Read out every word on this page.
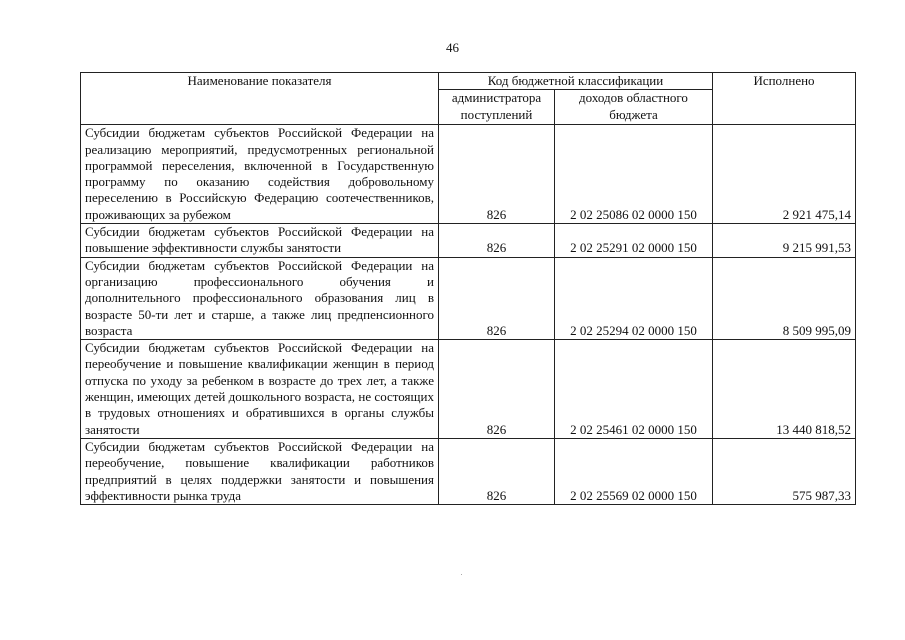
46
Наименование показателя	Код бюджетной классификации		Исполнено
	администратора поступлений	доходов областного бюджета	
Субсидии бюджетам субъектов Российской Федерации на реализацию мероприятий, предусмотренных региональной программой переселения, включенной в Государственную программу по оказанию содействия добровольному переселению в Российскую Федерацию соотечественников, проживающих за рубежом	826	2 02 25086 02 0000 150	2 921 475,14
Субсидии бюджетам субъектов Российской Федерации на повышение эффективности службы занятости	826	2 02 25291 02 0000 150	9 215 991,53
Субсидии бюджетам субъектов Российской Федерации на организацию профессионального обучения и дополнительного профессионального образования лиц в возрасте 50-ти лет и старше, а также лиц предпенсионного возраста	826	2 02 25294 02 0000 150	8 509 995,09
Субсидии бюджетам субъектов Российской Федерации на переобучение и повышение квалификации женщин в период отпуска по уходу за ребенком в возрасте до трех лет, а также женщин, имеющих детей дошкольного возраста, не состоящих в трудовых отношениях и обратившихся в органы службы занятости	826	2 02 25461 02 0000 150	13 440 818,52
Субсидии бюджетам субъектов Российской Федерации на переобучение, повышение квалификации работников предприятий в целях поддержки занятости и повышения эффективности рынка труда	826	2 02 25569 02 0000 150	575 987,33
